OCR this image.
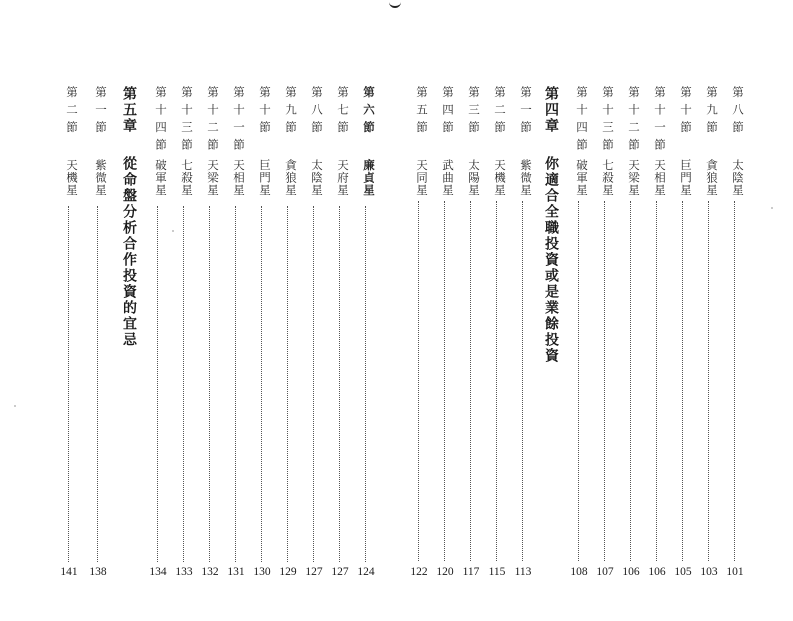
第六節
廉貞星
124
第七節
天府星
127
第八節
太陰星
127
第九節
貪狼星
129
第十節
巨門星
130
第十一節
天相星
131
第十二節
天梁星
132
第十三節
七殺星
133
第十四節
破軍星
134
第五章
從命盤分析合作投資的宜忌
第一節
紫微星
138
第二節
天機星
141
第八節
太陰星
101
第九節
貪狼星
103
第十節
巨門星
105
第十一節
天相星
106
第十二節
天梁星
106
第十三節
七殺星
107
第十四節
破軍星
108
第四章
你適合全職投資或是業餘投資
第一節
紫微星
113
第二節
天機星
115
第三節
太陽星
117
第四節
武曲星
120
第五節
天同星
122
